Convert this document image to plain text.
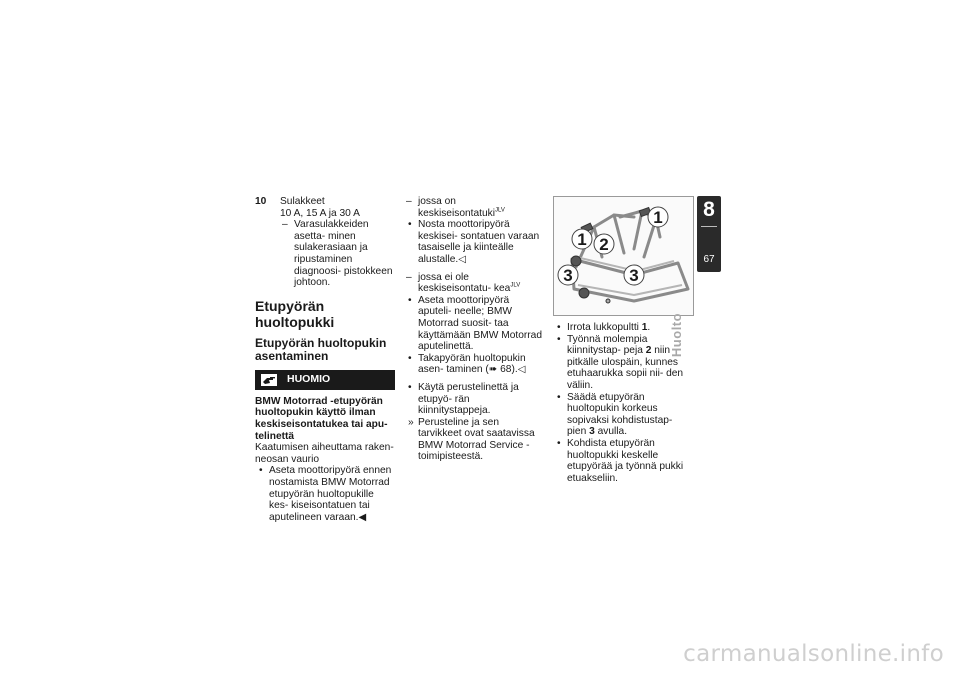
10 Sulakkeet
10 A, 15 A ja 30 A
– Varasulakkeiden asetta- minen sulakerasiaan ja ripustaminen diagnoosi- pistokkeen johtoon.
Etupyörän huoltopukki
Etupyörän huoltopukin asentaminen
HUOMIO
BMW Motorrad -etupyörän huoltopukin käyttö ilman keskiseisontatukea tai apu- telinettä
Kaatumisen aiheuttama raken- neosan vaurio
• Aseta moottoripyörä ennen nostamista BMW Motorrad etupyörän huoltopukille kes- kiseisontatuen tai aputelineen varaan.◀
– jossa on keskiseisontatuki$^{JLV}$
• Nosta moottoripyörä keskisei- sontatuen varaan tasaiselle ja kiinteälle alustalle.◁
– jossa ei ole keskiseisontatu- kea$^{JLV}$
• Aseta moottoripyörä aputeli- neelle; BMW Motorrad suosit- taa käyttämään BMW Motorrad aputelinettä.
• Takapyörän huoltopukin asen- taminen (➠ 68).◁
• Käytä perustelinettä ja etupyö- rän kiinnitystappeja.
» Perusteline ja sen tarvikkeet ovat saatavissa BMW Motorrad Service -toimipisteestä.
1
1 2
3	3
• Irrota lukkopultti 1.
• Työnnä molempia kiinnitystap- peja 2 niin pitkälle ulospäin, kunnes etuhaarukka sopii nii- den väliin.
• Säädä etupyörän huoltopukin korkeus sopivaksi kohdistustap- pien 3 avulla.
• Kohdista etupyörän huoltopukki keskelle etupyörää ja työnnä pukki etuakseliin.
8
67
Huolto
carmanualsonline.info
